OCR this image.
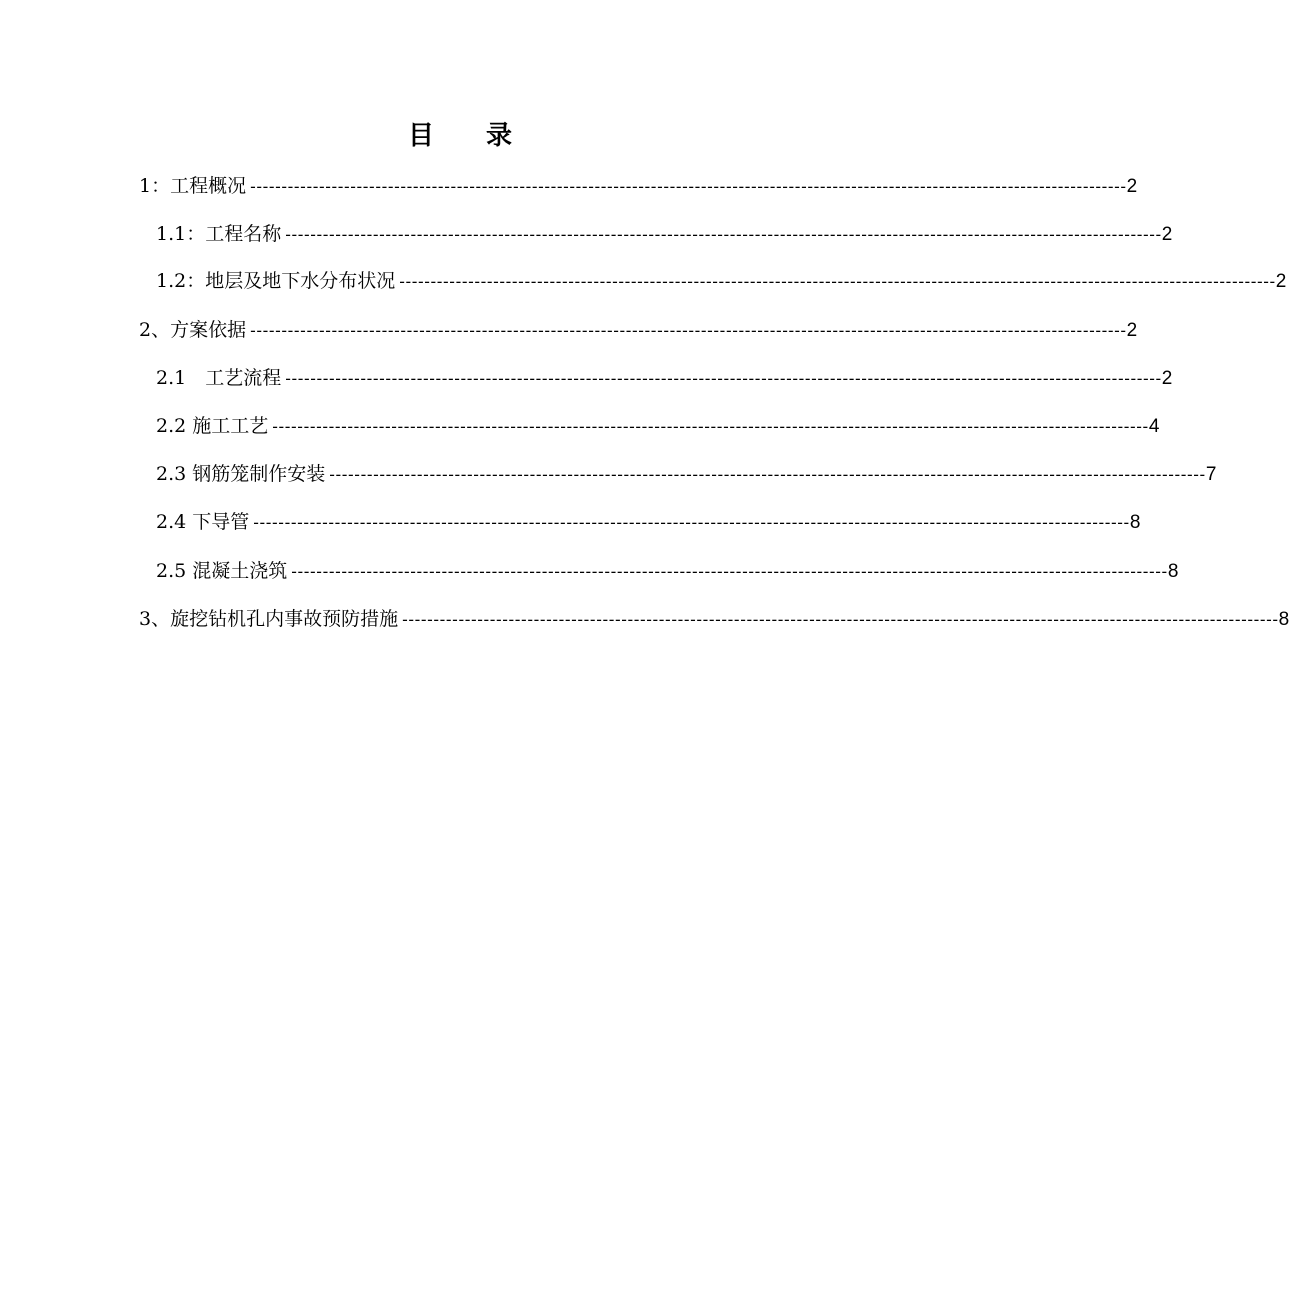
目 录
1：工程概况 -------------------------------------------------------------------------------------------------------------------------------------------- 2
1.1：工程名称 -------------------------------------------------------------------------------------------------------------------------------------------- 2
1.2：地层及地下水分布状况 -------------------------------------------------------------------------------------------------------------------------------------------- 2
2、方案依据 -------------------------------------------------------------------------------------------------------------------------------------------- 2
2.1　工艺流程 -------------------------------------------------------------------------------------------------------------------------------------------- 2
2.2 施工工艺 -------------------------------------------------------------------------------------------------------------------------------------------- 4
2.3 钢筋笼制作安装 -------------------------------------------------------------------------------------------------------------------------------------------- 7
2.4 下导管 -------------------------------------------------------------------------------------------------------------------------------------------- 8
2.5 混凝土浇筑 -------------------------------------------------------------------------------------------------------------------------------------------- 8
3、旋挖钻机孔内事故预防措施 -------------------------------------------------------------------------------------------------------------------------------------------- 8
